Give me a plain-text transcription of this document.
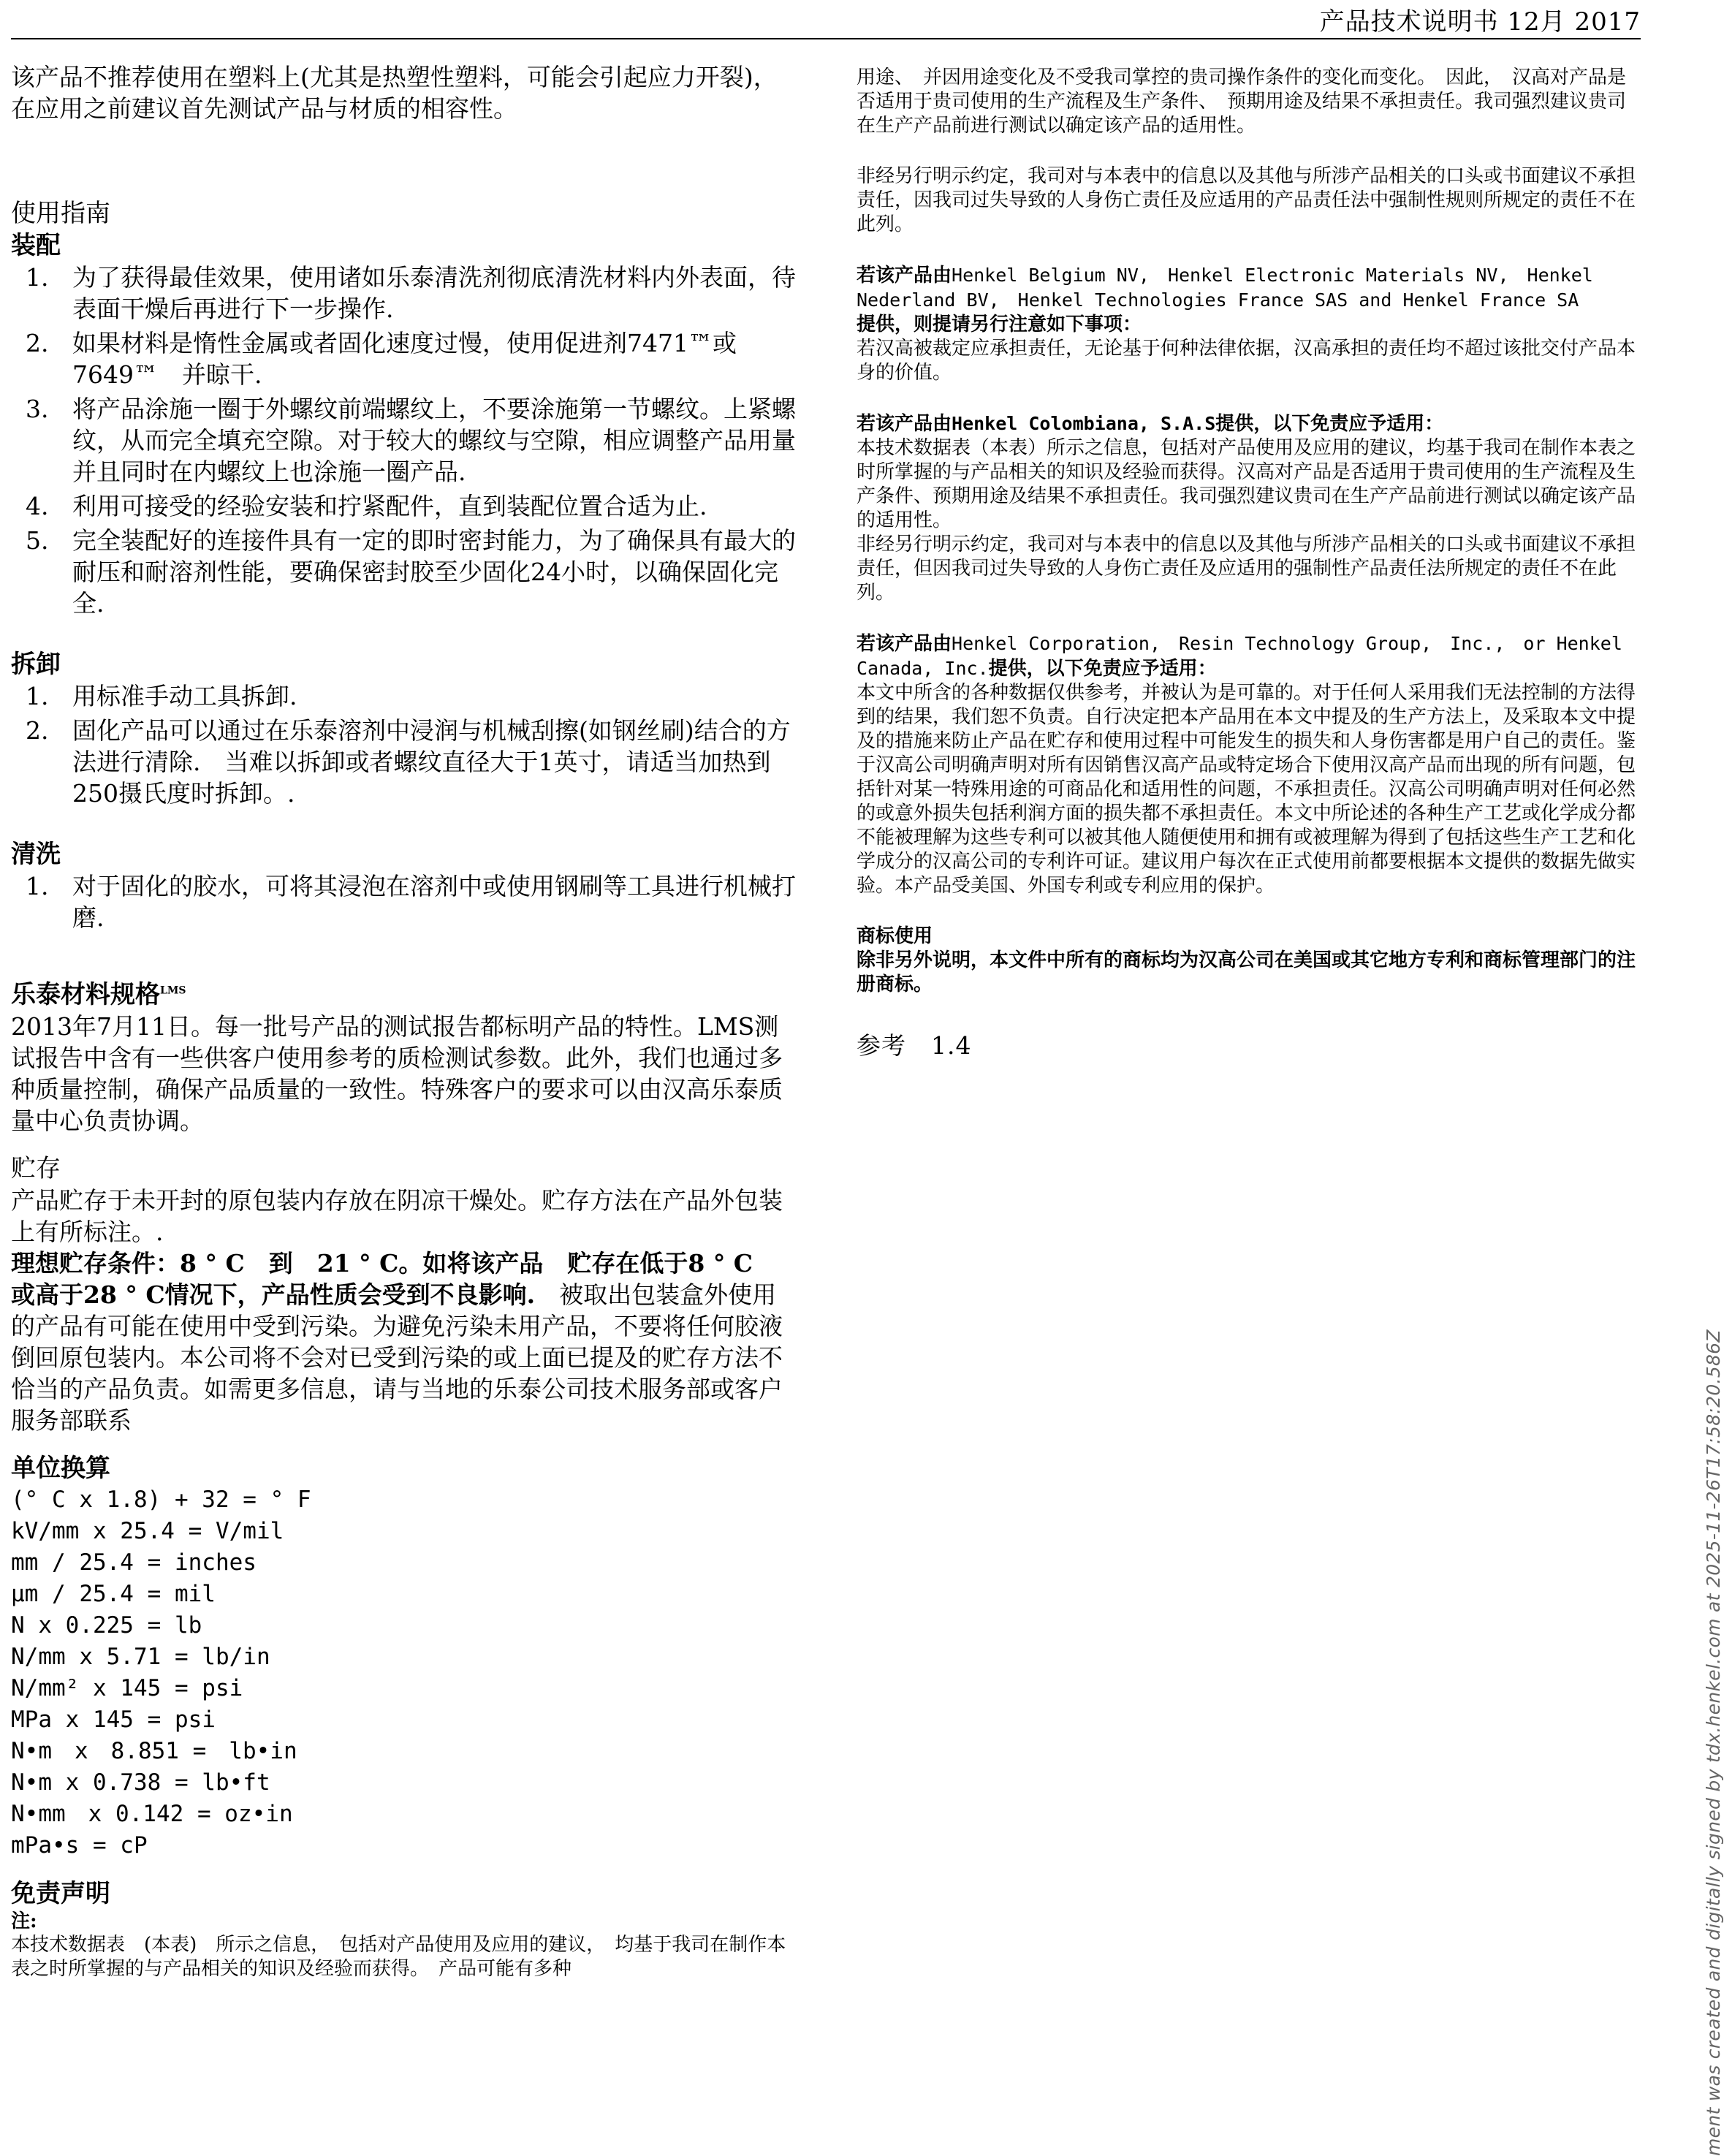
产品技术说明书 12月 2017

该产品不推荐使用在塑料上(尤其是热塑性塑料，可能会引起应力开裂)，在应用之前建议首先测试产品与材质的相容性。

使用指南

装配

1. 为了获得最佳效果，使用诸如乐泰清洗剂彻底清洗材料内外表面，待表面干燥后再进行下一步操作.
2. 如果材料是惰性金属或者固化速度过慢，使用促进剂7471™或7649™　并晾干.
3. 将产品涂施一圈于外螺纹前端螺纹上，不要涂施第一节螺纹。上紧螺纹，从而完全填充空隙。对于较大的螺纹与空隙，相应调整产品用量并且同时在内螺纹上也涂施一圈产品.
4. 利用可接受的经验安装和拧紧配件，直到装配位置合适为止.
5. 完全装配好的连接件具有一定的即时密封能力，为了确保具有最大的耐压和耐溶剂性能，要确保密封胶至少固化24小时，以确保固化完全.

拆卸

1. 用标准手动工具拆卸.
2. 固化产品可以通过在乐泰溶剂中浸润与机械刮擦(如钢丝刷)结合的方法进行清除.　当难以拆卸或者螺纹直径大于1英寸，请适当加热到250摄氏度时拆卸。.

清洗

1. 对于固化的胶水，可将其浸泡在溶剂中或使用钢刷等工具进行机械打磨.

乐泰材料规格$^{LMS}$

2013年7月11日。每一批号产品的测试报告都标明产品的特性。LMS测试报告中含有一些供客户使用参考的质检测试参数。此外，我们也通过多种质量控制，确保产品质量的一致性。特殊客户的要求可以由汉高乐泰质量中心负责协调。

贮存

产品贮存于未开封的原包装内存放在阴凉干燥处。贮存方法在产品外包装上有所标注。.

理想贮存条件：8 ° C　到　21 ° C。如将该产品　贮存在低于8 ° C　或高于28 ° C情况下，产品性质会受到不良影响.　被取出包装盒外使用的产品有可能在使用中受到污染。为避免污染未用产品，不要将任何胶液倒回原包装内。本公司将不会对已受到污染的或上面已提及的贮存方法不恰当的产品负责。如需更多信息，请与当地的乐泰公司技术服务部或客户服务部联系

单位换算

(° C x 1.8) + 32 = ° F

kV/mm x 25.4 = V/mil

mm / 25.4 = inches

µm / 25.4 = mil

N x 0.225 = lb

N/mm x 5.71 = lb/in

N/mm² x 145 = psi

MPa x 145 = psi

N•m　x　8.851 =　lb•in

N•m x 0.738 = lb•ft

N•mm　x 0.142 = oz•in

mPa•s = cP

免责声明

注:

本技术数据表　(本表)　所示之信息，　包括对产品使用及应用的建议，　均基于我司在制作本表之时所掌握的与产品相关的知识及经验而获得。　产品可能有多种

用途、　并因用途变化及不受我司掌控的贵司操作条件的变化而变化。　因此，　汉高对产品是否适用于贵司使用的生产流程及生产条件、　预期用途及结果不承担责任。我司强烈建议贵司在生产产品前进行测试以确定该产品的适用性。

非经另行明示约定，我司对与本表中的信息以及其他与所涉产品相关的口头或书面建议不承担责任，因我司过失导致的人身伤亡责任及应适用的产品责任法中强制性规则所规定的责任不在此列。

若该产品由Henkel Belgium NV,　Henkel Electronic Materials NV,　Henkel Nederland BV,　Henkel Technologies France SAS and Henkel France SA
提供，则提请另行注意如下事项：

若汉高被裁定应承担责任，无论基于何种法律依据，汉高承担的责任均不超过该批交付产品本身的价值。

若该产品由Henkel Colombiana, S.A.S提供，以下免责应予适用：

本技术数据表（本表）所示之信息，包括对产品使用及应用的建议，均基于我司在制作本表之时所掌握的与产品相关的知识及经验而获得。汉高对产品是否适用于贵司使用的生产流程及生产条件、预期用途及结果不承担责任。我司强烈建议贵司在生产产品前进行测试以确定该产品的适用性。

非经另行明示约定，我司对与本表中的信息以及其他与所涉产品相关的口头或书面建议不承担责任，但因我司过失导致的人身伤亡责任及应适用的强制性产品责任法所规定的责任不在此列。

若该产品由Henkel Corporation,　Resin Technology Group,　Inc.,　or Henkel Canada, Inc.提供，以下免责应予适用：

本文中所含的各种数据仅供参考，并被认为是可靠的。对于任何人采用我们无法控制的方法得到的结果，我们恕不负责。自行决定把本产品用在本文中提及的生产方法上，及采取本文中提及的措施来防止产品在贮存和使用过程中可能发生的损失和人身伤害都是用户自己的责任。鉴于汉高公司明确声明对所有因销售汉高产品或特定场合下使用汉高产品而出现的所有问题，包括针对某一特殊用途的可商品化和适用性的问题，不承担责任。汉高公司明确声明对任何必然的或意外损失包括利润方面的损失都不承担责任。本文中所论述的各种生产工艺或化学成分都不能被理解为这些专利可以被其他人随便使用和拥有或被理解为得到了包括这些生产工艺和化学成分的汉高公司的专利许可证。建议用户每次在正式使用前都要根据本文提供的数据先做实验。本产品受美国、外国专利或专利应用的保护。

商标使用

除非另外说明，本文件中所有的商标均为汉高公司在美国或其它地方专利和商标管理部门的注册商标。

参考　1.4

ment was created and digitally signed by tdx.henkel.com at 2025-11-26T17:58:20.586Z
